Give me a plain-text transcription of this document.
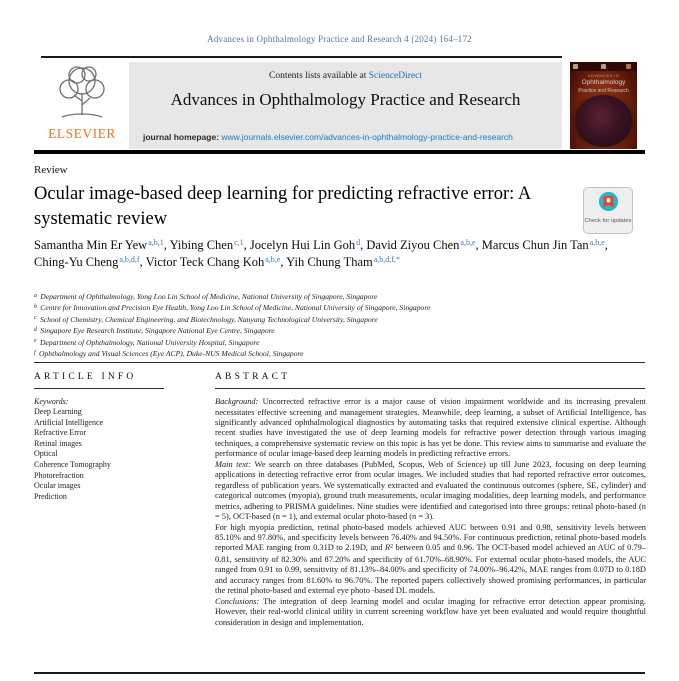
Advances in Ophthalmology Practice and Research 4 (2024) 164–172
ELSEVIER
Contents lists available at ScienceDirect
Advances in Ophthalmology Practice and Research
journal homepage: www.journals.elsevier.com/advances-in-ophthalmology-practice-and-research
ADVANCES IN
Ophthalmology
Practice and Research
Review
Ocular image-based deep learning for predicting refractive error: A systematic review	Check for updates
Samantha Min Er Yew$^{a,b,1}$, Yibing Chen$^{c,1}$, Jocelyn Hui Lin Goh$^d$, David Ziyou Chen$^{a,b,e}$, Marcus Chun Jin Tan$^{a,b,e}$, Ching-Yu Cheng$^{a,b,d,f}$, Victor Teck Chang Koh$^{a,b,e}$, Yih Chung Tham$^{a,b,d,f,*}$
$^a$ Department of Ophthalmology, Yong Loo Lin School of Medicine, National University of Singapore, Singapore
$^b$ Centre for Innovation and Precision Eye Health, Yong Loo Lin School of Medicine, National University of Singapore, Singapore
$^c$ School of Chemistry, Chemical Engineering, and Biotechnology, Nanyang Technological University, Singapore
$^d$ Singapore Eye Research Institute, Singapore National Eye Centre, Singapore
$^e$ Department of Ophthalmology, National University Hospital, Singapore
$^f$ Ophthalmology and Visual Sciences (Eye ACP), Duke-NUS Medical School, Singapore
ARTICLE INFO
Keywords:
Deep Learning
Artificial Intelligence
Refractive Error
Retinal images
Optical
Coherence Tomography
Photorefraction
Ocular images
Prediction
ABSTRACT

Background: Uncorrected refractive error is a major cause of vision impairment worldwide and its increasing prevalent necessitates effective screening and management strategies. Meanwhile, deep learning, a subset of Artificial Intelligence, has significantly advanced ophthalmological diagnostics by automating tasks that required extensive clinical expertise. Although recent studies have investigated the use of deep learning models for refractive power detection through various imaging techniques, a comprehensive systematic review on this topic is has yet be done. This review aims to summarise and evaluate the performance of ocular image-based deep learning models in predicting refractive errors.

Main text: We search on three databases (PubMed, Scopus, Web of Science) up till June 2023, focusing on deep learning applications in detecting refractive error from ocular images. We included studies that had reported refractive error outcomes, regardless of publication years. We systematically extracted and evaluated the continuous outcomes (sphere, SE, cylinder) and categorical outcomes (myopia), ground truth measurements, ocular imaging modalities, deep learning models, and performance metrics, adhering to PRISMA guidelines. Nine studies were identified and categorised into three groups: retinal photo-based (n = 5), OCT-based (n = 1), and external ocular photo-based (n = 3).

For high myopia prediction, retinal photo-based models achieved AUC between 0.91 and 0.98, sensitivity levels between 85.10% and 97.80%, and specificity levels between 76.40% and 94.50%. For continuous prediction, retinal photo-based models reported MAE ranging from 0.31D to 2.19D, and $R^2$ between 0.05 and 0.96. The OCT-based model achieved an AUC of 0.79–0.81, sensitivity of 82.30% and 87.20% and specificity of 61.70%–68.90%. For external ocular photo-based models, the AUC ranged from 0.91 to 0.99, sensitivity of 81.13%–84.00% and specificity of 74.00%–96.42%, MAE ranges from 0.07D to 0.18D and accuracy ranges from 81.60% to 96.70%. The reported papers collectively showed promising performances, in particular the retinal photo-based and external eye photo -based DL models.

Conclusions: The integration of deep learning model and ocular imaging for refractive error detection appear promising. However, their real-world clinical utility in current screening workflow have yet been evaluated and would require thoughtful consideration in design and implementation.
